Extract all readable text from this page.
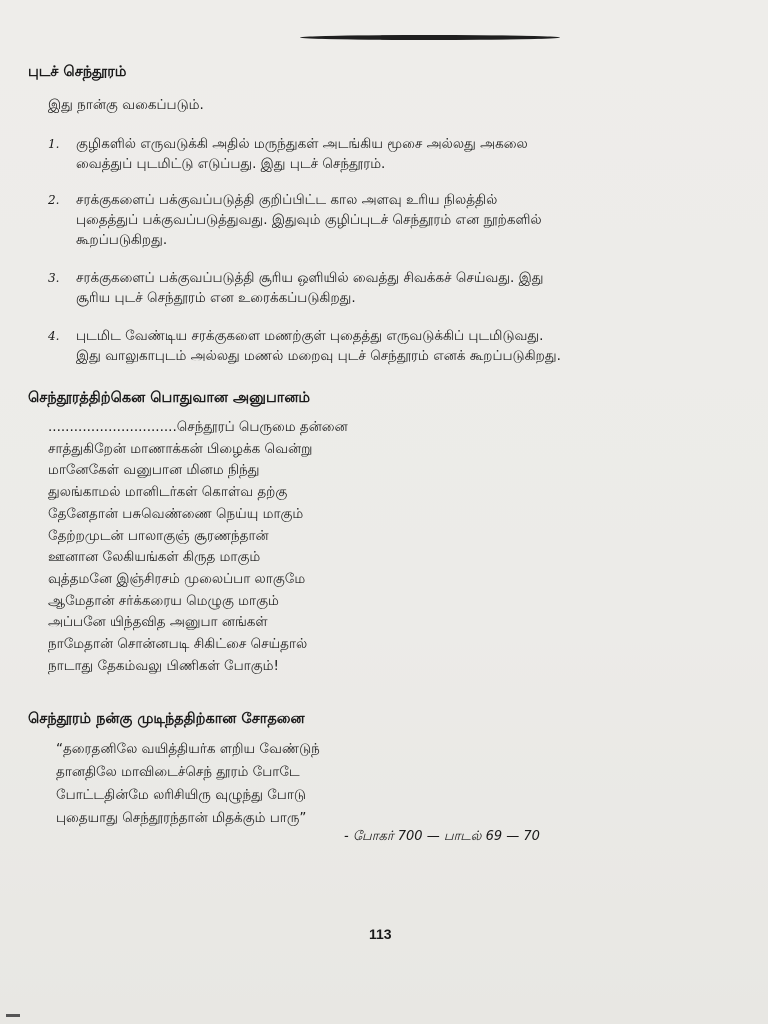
புடச் செந்தூரம்
இது நான்கு வகைப்படும்.
1. குழிகளில் எருவடுக்கி அதில் மருந்துகள் அடங்கிய மூசை அல்லது அகலை
வைத்துப் புடமிட்டு எடுப்பது. இது புடச் செந்தூரம்.
2. சரக்குகளைப் பக்குவப்படுத்தி குறிப்பிட்ட கால அளவு உரிய நிலத்தில்
புதைத்துப் பக்குவப்படுத்துவது. இதுவும் குழிப்புடச் செந்தூரம் என நூற்களில்
கூறப்படுகிறது.
3. சரக்குகளைப் பக்குவப்படுத்தி சூரிய ஒளியில் வைத்து சிவக்கச் செய்வது. இது
சூரிய புடச் செந்தூரம் என உரைக்கப்படுகிறது.
4. புடமிட வேண்டிய சரக்குகளை மணற்குள் புதைத்து எருவடுக்கிப் புடமிடுவது.
இது வாலுகாபுடம் அல்லது மணல் மறைவு புடச் செந்தூரம் எனக் கூறப்படுகிறது.
செந்தூரத்திற்கென பொதுவான அனுபானம்
..............................செந்தூரப் பெருமை தன்னை
சாத்துகிறேன் மாணாக்கன் பிழைக்க வென்று
மானேகேள் வனுபான மினம நிந்து
துலங்காமல் மானிடர்கள் கொள்வ தற்கு
தேனேதான் பசுவெண்ணை நெய்யு மாகும்
தேற்றமுடன் பாலாகுஞ் சூரணந்தான்
ஊனான லேகியங்கள் கிருத மாகும்
வுத்தமனே இஞ்சிரசம் முலைப்பா லாகுமே
ஆமேதான் சர்க்கரைய மெழுகு மாகும்
அப்பனே யிந்தவித அனுபா னங்கள்
நாமேதான் சொன்னபடி சிகிட்சை செய்தால்
நாடாது தேகம்வலு பிணிகள் போகும்!
செந்தூரம் நன்கு முடிந்ததிற்கான சோதனை
“தரைதனிலே வயித்தியர்க ளறிய வேண்டுந்
தானதிலே மாவிடைச்செந் தூரம் போடே
போட்டதின்மே லரிசியிரு வுழுந்து போடு
புதையாது செந்தூரந்தான் மிதக்கும் பாரு”
- போகர் 700 — பாடல் 69 — 70
113
